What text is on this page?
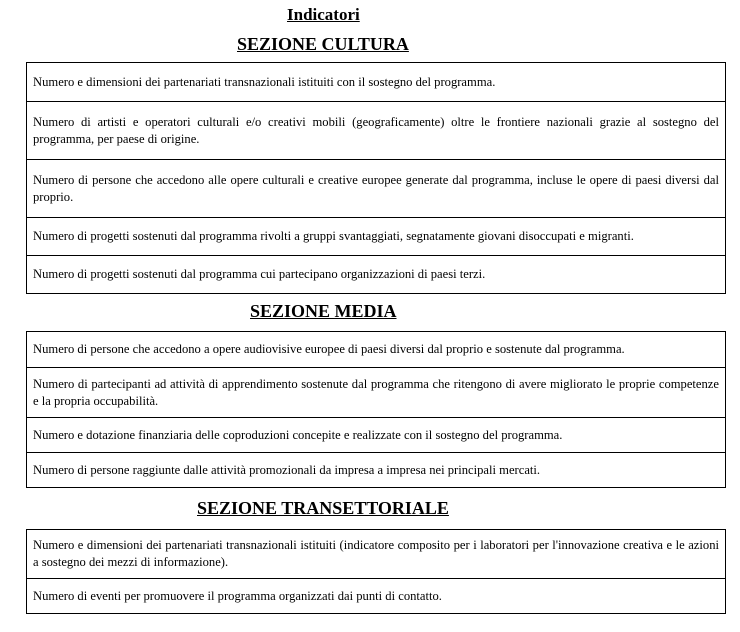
Indicatori
SEZIONE CULTURA
Numero e dimensioni dei partenariati transnazionali istituiti con il sostegno del programma.
Numero di artisti e operatori culturali e/o creativi mobili (geograficamente) oltre le frontiere nazionali grazie al sostegno del programma, per paese di origine.
Numero di persone che accedono alle opere culturali e creative europee generate dal programma, incluse le opere di paesi diversi dal proprio.
Numero di progetti sostenuti dal programma rivolti a gruppi svantaggiati, segnatamente giovani disoccupati e migranti.
Numero di progetti sostenuti dal programma cui partecipano organizzazioni di paesi terzi.
SEZIONE MEDIA
Numero di persone che accedono a opere audiovisive europee di paesi diversi dal proprio e sostenute dal programma.
Numero di partecipanti ad attività di apprendimento sostenute dal programma che ritengono di avere migliorato le proprie competenze e la propria occupabilità.
Numero e dotazione finanziaria delle coproduzioni concepite e realizzate con il sostegno del programma.
Numero di persone raggiunte dalle attività promozionali da impresa a impresa nei principali mercati.
SEZIONE TRANSETTORIALE
Numero e dimensioni dei partenariati transnazionali istituiti (indicatore composito per i laboratori per l'innovazione creativa e le azioni a sostegno dei mezzi di informazione).
Numero di eventi per promuovere il programma organizzati dai punti di contatto.
